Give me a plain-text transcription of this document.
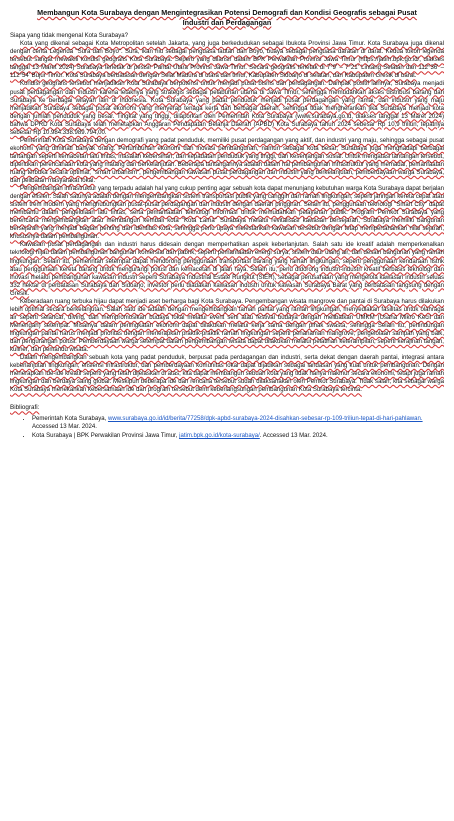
Membangun Kota Surabaya dengan Mengintegrasikan Potensi Demografi dan Kondisi Geografis sebagai Pusat Industri dan Perdagangan

Siapa yang tidak mengenal Kota Surabaya?

Kota yang dikenal sebagai Kota Metropolitan setelah Jakarta, yang juga berkedudukan sebagai Ibukota Provinsi Jawa Timur. Kota Surabaya juga dikenal dengan cerita Legenda "Sura dan Boyo". Sura, ikan hiu sebagai penguasa lautan dan Boyo, buaya sebagai penguasa daratan di darat. Kedua tokoh legenda tersebut sangat mewakili kondisi geografis Kota Surabaya. Seperti yang dilansir dalam BPK Perwakilan Provinsi Jawa Timur (https://jatim.bpk.go.id/, diakses tanggal 13 Maret 2024) Surabaya terletak di pesisir Pantai Utara Provinsi Jawa Timur. Secara geografis terletak di 7°9' – 7°21' Lintang Selatan dan 112°36' – 112°54' Bujur Timur. Kota Surabaya berbatasan dengan Selat Madura di utara dan timur, Kabupaten Sidoarjo di selatan, dan Kabupaten Gresik di barat.

Kondisi geografis tersebut menjadikan Kota Surabaya berpotensi untuk menjadi pusat bisnis dan perdagangan. Dampak positif lainnya, Surabaya menjadi pusat perdagangan dan industri karena letaknya yang strategis sebagai pelabuhan utama di Jawa Timur, sehingga memudahkan akses distribusi barang dari Surabaya ke berbagai wilayah lain di Indonesia. Kota Surabaya yang padat penduduk menjadi pusat perdagangan yang ramai, dan industri yang maju menjadikan Surabaya sebagai pusat ekonomi yang menyerap tenaga kerja dari berbagai daerah, sehingga tidak mengherankan jika Surabaya menjadi kota dengan jumlah penduduk yang besar. Tingkat yang tinggi, dilaporkan oleh Pemerintah Kota Surabaya (www.surabaya.go.id, diakses tanggal 13 Maret 2024) bahwa DPRD Kota Surabaya telah menetapkan Anggaran Pendapatan Belanja Daerah (APBD) Kota Surabaya tahun 2024 sebesar Rp 10,9 triliun, tepatnya sebesar Rp 10.984.338.989.794,00.

Pemerintah Kota Surabaya dengan demografi yang padat penduduk, memiliki pusat perdagangan yang aktif, dan industri yang maju, sehingga sebagai pusat ekonomi yang diminati banyak orang. Pertumbuhan ekonomi dan inovasi pembangunan, namun sebagai kota besar, Surabaya juga menghadapi berbagai tantangan seperti kemacetan lalu lintas, masalah kebersihan, dan kepadatan penduduk yang tinggi, dan kesenjangan sosial. Untuk mengatasi tantangan tersebut, diperlukan perencanaan kota yang matang dan berkelanjutan. Beberapa tantangannya adalah dalam hal pembangunan infrastruktur yang memadai, pemanfaatan ruang terbuka secara optimal, "smart urbanism", pengembangan kawasan pusat perdagangan dan industri yang berkelanjutan, pemberdayaan warga Surabaya, dan pelibatan masyarakat lokal.

Pengembangan infrastruktur yang terpadu adalah hal yang cukup penting agar sebuah kota dapat menunjang kebutuhan warga Kota Surabaya dapat berjalan dengan efisien. Salah satunya adalah dengan mengembangkan sistem transportasi publik yang canggih dan ramah lingkungan, seperti jaringan kereta cepat atau sistem trem modern yang menghubungkan pusat-pusat perdagangan dan industri dengan daerah pinggiran. Selain itu, penggunaan teknologi "Smart City" dapat membantu dalam pengelolaan lalu lintas, serta pemanfaatan teknologi informasi untuk memudahkan pelayanan publik. Program Pemkot Surabaya yang berencana mengembangkan atau membangun kembali kota "Kota Lama" Surabaya melalui revitalisasi kawasan bersejarah, Surabaya memiliki bangunan bersejarah yang menjadi bagian penting dari identitas kota, sehingga perlu upaya melestarikan kawasan tersebut dengan tetap mempertahankan nilai sejarah, khususnya dalam pembangunan.

Kawasan pusat perdagangan dan industri harus didesain dengan memperhatikan aspek keberlanjutan. Salah satu ide kreatif adalah memperkenalkan teknologi hijau dalam pembangunan bangunan komersial dan pabrik, seperti pemanfaatan energi surya, sistem daur ulang air, dan desain bangunan yang ramah lingkungan. Selain itu, pemerintah setempat dapat mendorong penggunaan transportasi barang yang ramah lingkungan, seperti penggunaan kendaraan listrik atau penggunaan kereta barang untuk mengurangi polusi dan kemacetan di jalan raya. Selain itu, perlu didorong industri-industri kreatif berbasis teknologi dan inovasi melalui pembangunan kawasan industri seperti Surabaya Industrial Estate Rungkut (SIER), sebagai perusahaan yang mengelola kawasan industri seluas 332 hektar di perbatasan Surabaya dan Sidoarjo, investor perlu diadakan kawasan industri untuk kawasan Surabaya Barat yang berbatasan langsung dengan Gresik.

Keberadaan ruang terbuka hijau dapat menjadi aset berharga bagi Kota Surabaya. Pengembangan wisata mangrove dan pantai di Surabaya harus dilakukan lebih optimal secara berkelanjutan. Salah satu ide adalah dengan mengembangkan taman pantai yang ramah lingkungan, menyediakan fasilitas untuk olahraga air seperti selancar, diving, dan mempromosikan budaya lokal melalui event seni atau festival budaya dengan melibatkan UMKM (Usaha Mikro Kecil dan Menengah) setempat. Misalnya dalam peningkatan ekonomi dapat dilakukan melalui kerja sama dengan pihak swasta, sehingga Selain itu, perlindungan lingkungan pantai harus menjadi prioritas dengan menerapkan praktik-praktik ramah lingkungan seperti penanaman mangrove, pengelolaan sampah yang baik, dan pengurangan polusi. Pemberdayaan warga setempat dalam pengembangan wisata dapat dilakukan melalui pelatihan keterampilan, seperti kerajinan tangan, kuliner, dan pemandu wisata.

Dalam mengembangkan sebuah kota yang padat penduduk, berpusat pada perdagangan dan industri, serta dekat dengan daerah pantai, integrasi antara keberlanjutan lingkungan, efisiensi infrastruktur, dan pemberdayaan komunitas lokal dapat dijadikan sebagai landasan yang kuat untuk pembangunan. Dengan menerapkan ide-ide kreatif seperti yang telah dijelaskan di atas, kita dapat membangun sebuah kota yang tidak hanya makmur secara ekonomi, tetapi juga ramah lingkungan dan berdaya saing global. Meskipun beberapa ide dan rencana tersebut sudah dilaksanakan oleh Pemkot Surabaya. Tidak salah, kita sebagai warga Kota Surabaya menekankan kebersamaan ide dan program tersebut demi keberlangsungan pembangunan Kota Surabaya tercinta.

Bibliografi:
• Pemerintah Kota Surabaya, www.surabaya.go.id/id/berita/77258/dpk-apbd-surabaya-2024-disahkan-sebesar-rp-109-triliun-tepat-di-hari-pahlawan. Accessed 13 Mar. 2024.
• Kota Surabaya | BPK Perwakilan Provinsi Jawa Timur, jatim.bpk.go.id/kota-surabaya/. Accessed 13 Mar. 2024.
